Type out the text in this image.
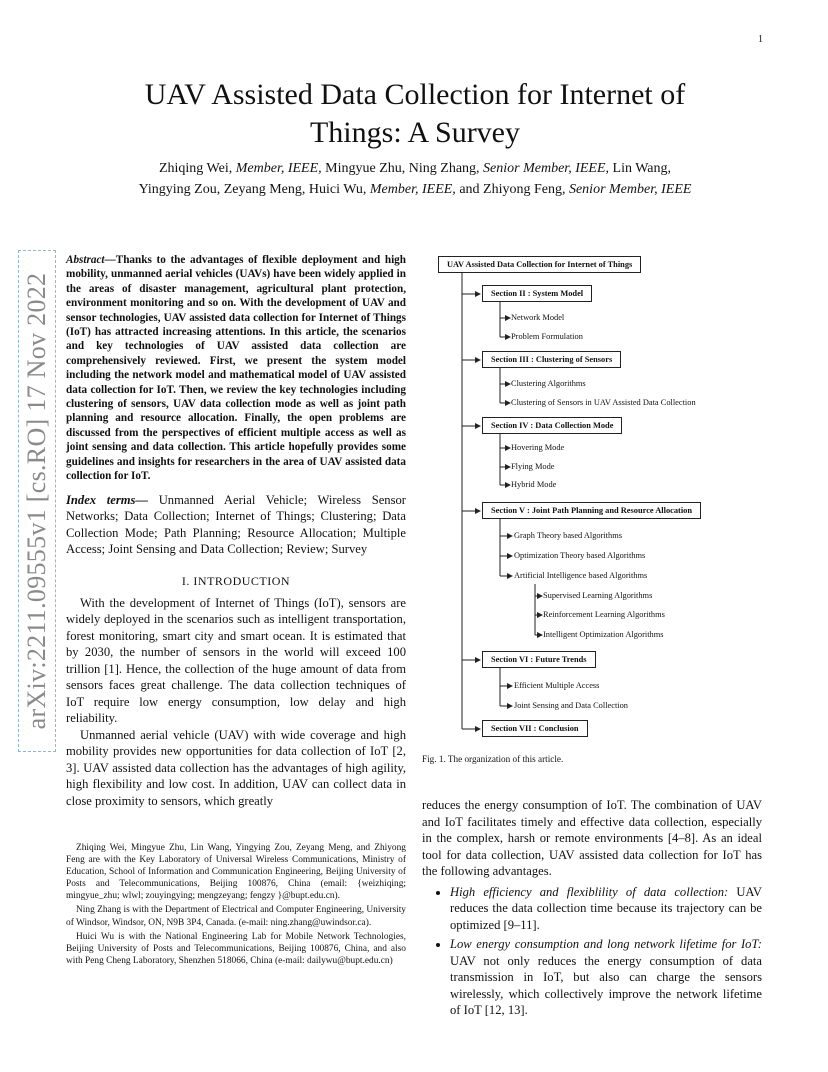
1
UAV Assisted Data Collection for Internet of
Things: A Survey
Zhiqing Wei, Member, IEEE, Mingyue Zhu, Ning Zhang, Senior Member, IEEE, Lin Wang,
Yingying Zou, Zeyang Meng, Huici Wu, Member, IEEE, and Zhiyong Feng, Senior Member, IEEE
arXiv:2211.09555v1 [cs.RO] 17 Nov 2022

Abstract—Thanks to the advantages of flexible deployment and high mobility, unmanned aerial vehicles (UAVs) have been widely applied in the areas of disaster management, agricultural plant protection, environment monitoring and so on. With the development of UAV and sensor technologies, UAV assisted data collection for Internet of Things (IoT) has attracted increasing attentions. In this article, the scenarios and key technologies of UAV assisted data collection are comprehensively reviewed. First, we present the system model including the network model and mathematical model of UAV assisted data collection for IoT. Then, we review the key technologies including clustering of sensors, UAV data collection mode as well as joint path planning and resource allocation. Finally, the open problems are discussed from the perspectives of efficient multiple access as well as joint sensing and data collection. This article hopefully provides some guidelines and insights for researchers in the area of UAV assisted data collection for IoT.

Index terms— Unmanned Aerial Vehicle; Wireless Sensor Networks; Data Collection; Internet of Things; Clustering; Data Collection Mode; Path Planning; Resource Allocation; Multiple Access; Joint Sensing and Data Collection; Review; Survey

I. INTRODUCTION

With the development of Internet of Things (IoT), sensors are widely deployed in the scenarios such as intelligent transportation, forest monitoring, smart city and smart ocean. It is estimated that by 2030, the number of sensors in the world will exceed 100 trillion [1]. Hence, the collection of the huge amount of data from sensors faces great challenge. The data collection techniques of IoT require low energy consumption, low delay and high reliability.

Unmanned aerial vehicle (UAV) with wide coverage and high mobility provides new opportunities for data collection of IoT [2, 3]. UAV assisted data collection has the advantages of high agility, high flexibility and low cost. In addition, UAV can collect data in close proximity to sensors, which greatly

Zhiqing Wei, Mingyue Zhu, Lin Wang, Yingying Zou, Zeyang Meng, and Zhiyong Feng are with the Key Laboratory of Universal Wireless Communications, Ministry of Education, School of Information and Communication Engineering, Beijing University of Posts and Telecommunications, Beijing 100876, China (email: {weizhiqing; mingyue_zhu; wlwl; zouyingying; mengzeyang; fengzy }@bupt.edu.cn).

Ning Zhang is with the Department of Electrical and Computer Engineering, University of Windsor, Windsor, ON, N9B 3P4, Canada. (e-mail: ning.zhang@uwindsor.ca).

Huici Wu is with the National Engineering Lab for Mobile Network Technologies, Beijing University of Posts and Telecommunications, Beijing 100876, China, and also with Peng Cheng Laboratory, Shenzhen 518066, China (e-mail: dailywu@bupt.edu.cn)

UAV Assisted Data Collection for Internet of Things
Section II : System Model
Network Model
Problem Formulation
Section III : Clustering of Sensors
Clustering Algorithms
Clustering of Sensors in UAV Assisted Data Collection
Section IV : Data Collection Mode
Hovering Mode
Flying Mode
Hybrid Mode
Section V : Joint Path Planning and Resource Allocation
Graph Theory based Algorithms
Optimization Theory based Algorithms
Artificial Intelligence based Algorithms
Supervised Learning Algorithms
Reinforcement Learning Algorithms
Intelligent Optimization Algorithms
Section VI : Future Trends
Efficient Multiple Access
Joint Sensing and Data Collection
Section VII : Conclusion
Fig. 1. The organization of this article.

reduces the energy consumption of IoT. The combination of UAV and IoT facilitates timely and effective data collection, especially in the complex, harsh or remote environments [4–8]. As an ideal tool for data collection, UAV assisted data collection for IoT has the following advantages.

• High efficiency and flexiblility of data collection: UAV reduces the data collection time because its trajectory can be optimized [9–11].
• Low energy consumption and long network lifetime for IoT: UAV not only reduces the energy consumption of data transmission in IoT, but also can charge the sensors wirelessly, which collectively improve the network lifetime of IoT [12, 13].
